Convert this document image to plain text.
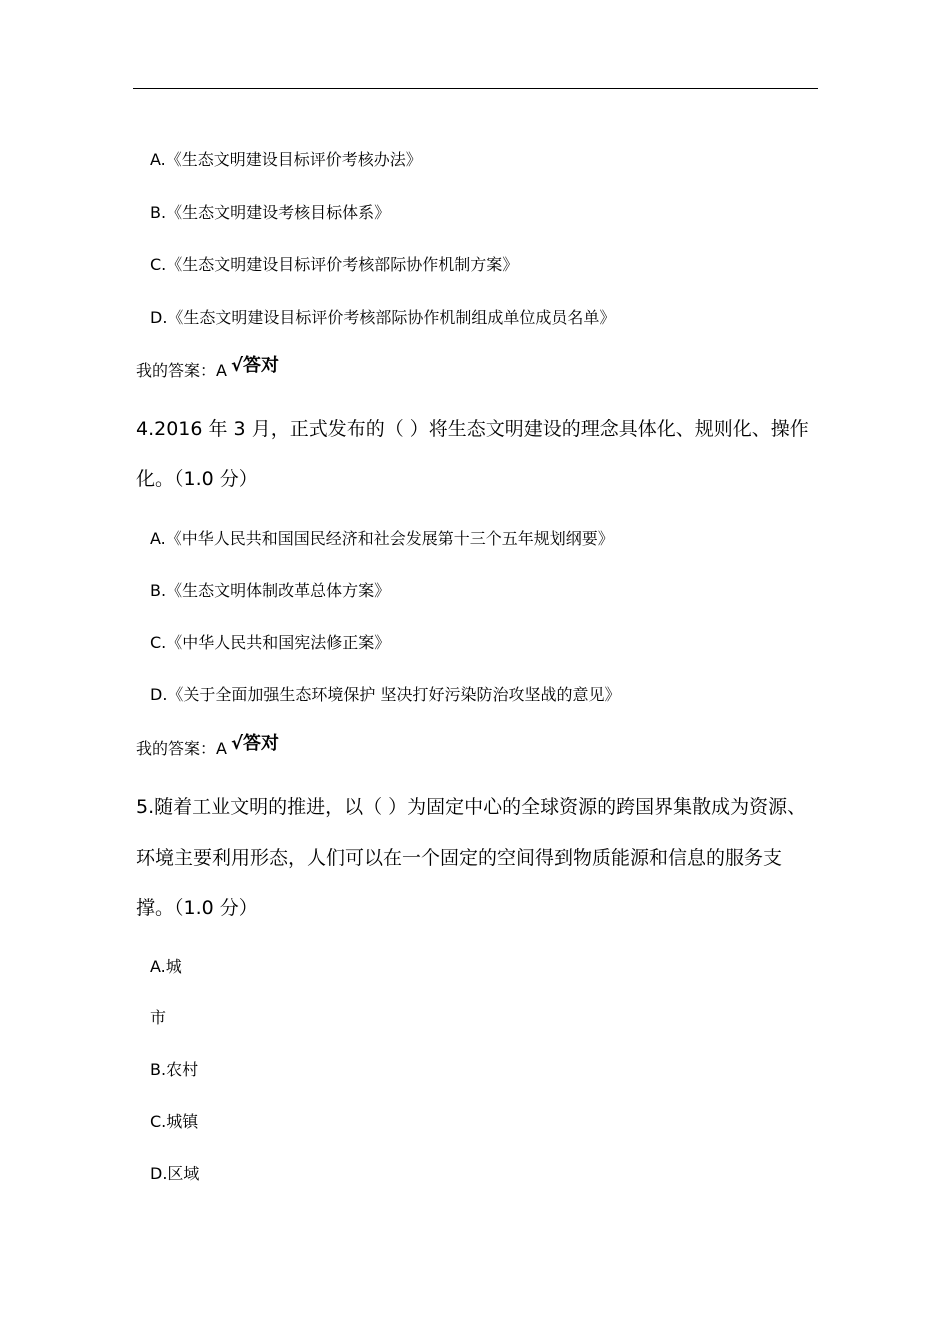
A.《生态文明建设目标评价考核办法》
B.《生态文明建设考核目标体系》
C.《生态文明建设目标评价考核部际协作机制方案》
D.《生态文明建设目标评价考核部际协作机制组成单位成员名单》
我的答案：A √答对
4.2016 年 3 月，正式发布的（ ）将生态文明建设的理念具体化、规则化、操作
化。（1.0 分）
A.《中华人民共和国国民经济和社会发展第十三个五年规划纲要》
B.《生态文明体制改革总体方案》
C.《中华人民共和国宪法修正案》
D.《关于全面加强生态环境保护 坚决打好污染防治攻坚战的意见》
我的答案：A √答对
5.随着工业文明的推进，以（ ）为固定中心的全球资源的跨国界集散成为资源、
环境主要利用形态，人们可以在一个固定的空间得到物质能源和信息的服务支
撑。（1.0 分）
A.城
市
B.农村
C.城镇
D.区域
